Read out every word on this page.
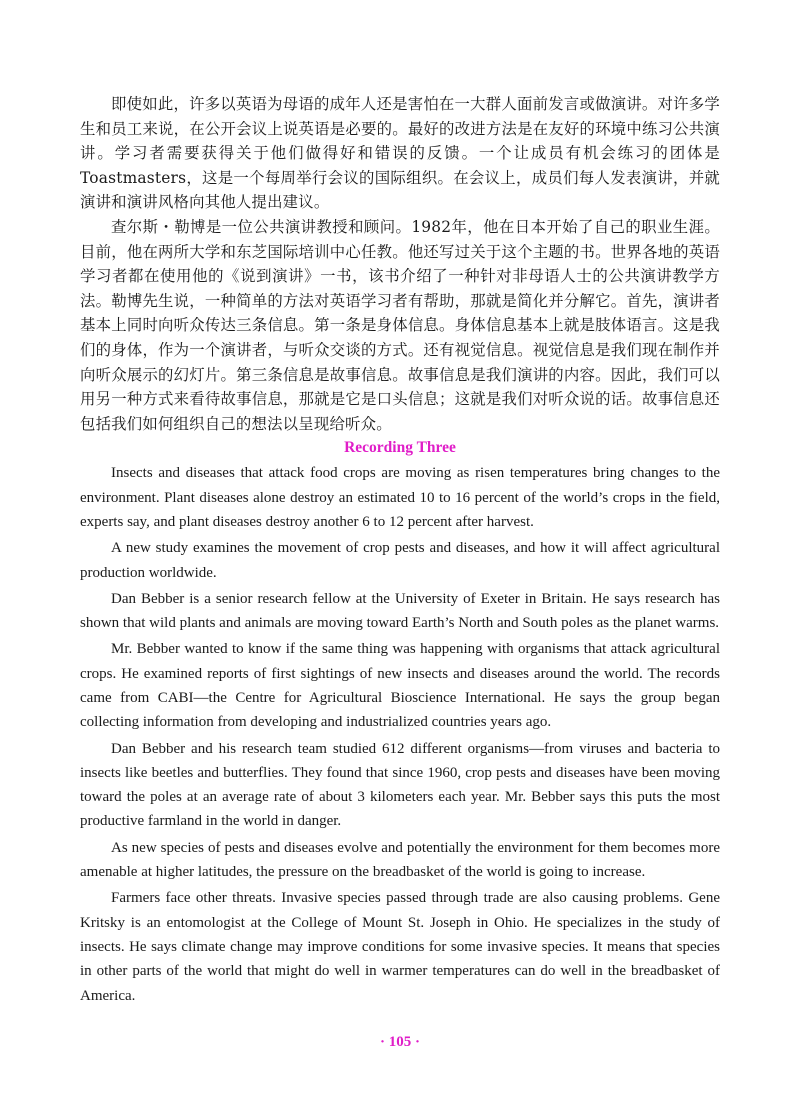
即使如此，许多以英语为母语的成年人还是害怕在一大群人面前发言或做演讲。对许多学生和员工来说，在公开会议上说英语是必要的。最好的改进方法是在友好的环境中练习公共演讲。学习者需要获得关于他们做得好和错误的反馈。一个让成员有机会练习的团体是Toastmasters，这是一个每周举行会议的国际组织。在会议上，成员们每人发表演讲，并就演讲和演讲风格向其他人提出建议。

查尔斯・勒博是一位公共演讲教授和顾问。1982年，他在日本开始了自己的职业生涯。目前，他在两所大学和东芝国际培训中心任教。他还写过关于这个主题的书。世界各地的英语学习者都在使用他的《说到演讲》一书，该书介绍了一种针对非母语人士的公共演讲教学方法。勒博先生说，一种简单的方法对英语学习者有帮助，那就是简化并分解它。首先，演讲者基本上同时向听众传达三条信息。第一条是身体信息。身体信息基本上就是肢体语言。这是我们的身体，作为一个演讲者，与听众交谈的方式。还有视觉信息。视觉信息是我们现在制作并向听众展示的幻灯片。第三条信息是故事信息。故事信息是我们演讲的内容。因此，我们可以用另一种方式来看待故事信息，那就是它是口头信息；这就是我们对听众说的话。故事信息还包括我们如何组织自己的想法以呈现给听众。

Recording Three

Insects and diseases that attack food crops are moving as risen temperatures bring changes to the environment. Plant diseases alone destroy an estimated 10 to 16 percent of the world’s crops in the field, experts say, and plant diseases destroy another 6 to 12 percent after harvest.

A new study examines the movement of crop pests and diseases, and how it will affect agricultural production worldwide.

Dan Bebber is a senior research fellow at the University of Exeter in Britain. He says research has shown that wild plants and animals are moving toward Earth’s North and South poles as the planet warms.

Mr. Bebber wanted to know if the same thing was happening with organisms that attack agricultural crops. He examined reports of first sightings of new insects and diseases around the world. The records came from CABI—the Centre for Agricultural Bioscience International. He says the group began collecting information from developing and industrialized countries years ago.

Dan Bebber and his research team studied 612 different organisms—from viruses and bacteria to insects like beetles and butterflies. They found that since 1960, crop pests and diseases have been moving toward the poles at an average rate of about 3 kilometers each year. Mr. Bebber says this puts the most productive farmland in the world in danger.

As new species of pests and diseases evolve and potentially the environment for them becomes more amenable at higher latitudes, the pressure on the breadbasket of the world is going to increase.

Farmers face other threats. Invasive species passed through trade are also causing problems. Gene Kritsky is an entomologist at the College of Mount St. Joseph in Ohio. He specializes in the study of insects. He says climate change may improve conditions for some invasive species. It means that species in other parts of the world that might do well in warmer temperatures can do well in the breadbasket of America.

· 105 ·
